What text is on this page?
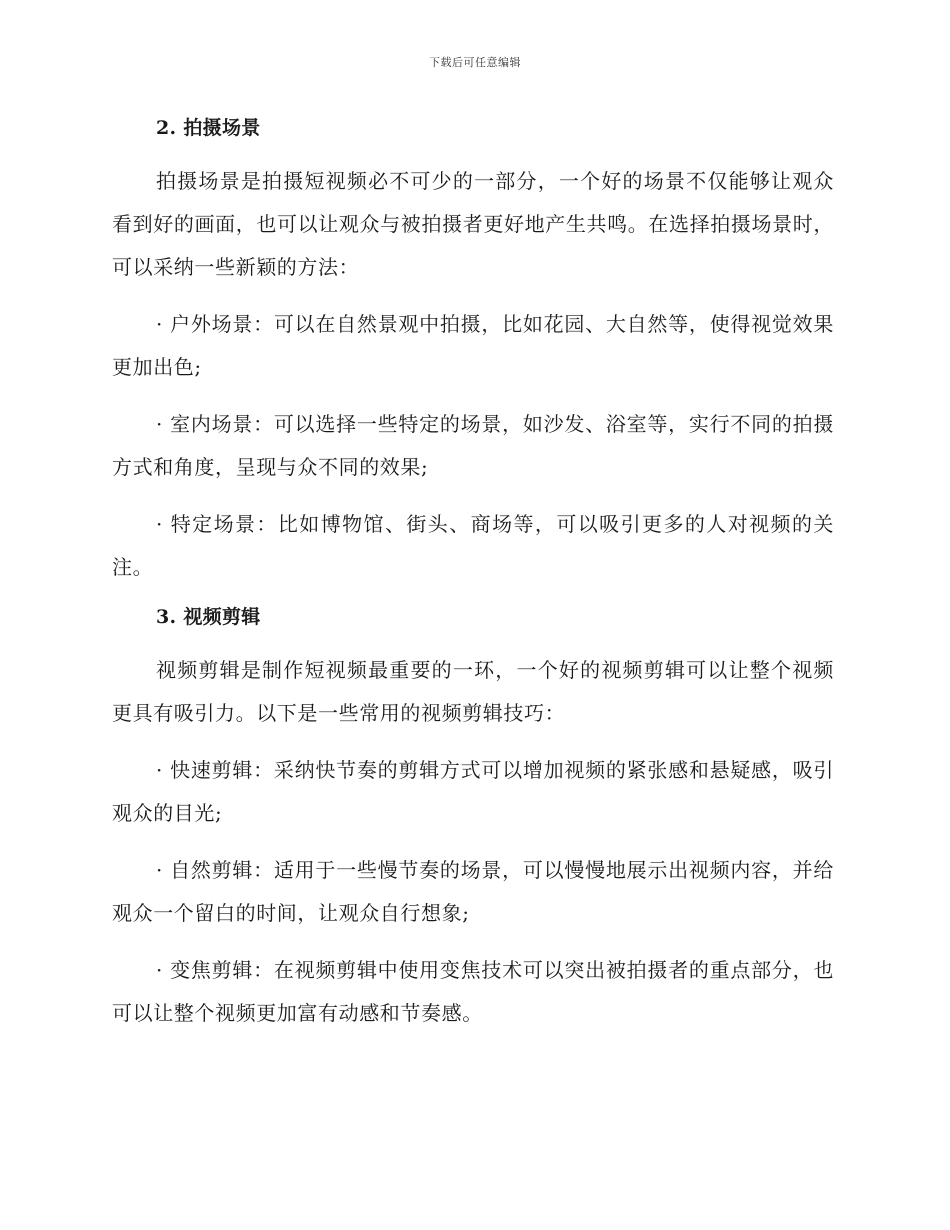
下载后可任意编辑
2. 拍摄场景

拍摄场景是拍摄短视频必不可少的一部分，一个好的场景不仅能够让观众看到好的画面，也可以让观众与被拍摄者更好地产生共鸣。在选择拍摄场景时，可以采纳一些新颖的方法：

· 户外场景：可以在自然景观中拍摄，比如花园、大自然等，使得视觉效果更加出色;

· 室内场景：可以选择一些特定的场景，如沙发、浴室等，实行不同的拍摄方式和角度，呈现与众不同的效果;

· 特定场景：比如博物馆、街头、商场等，可以吸引更多的人对视频的关注。

3. 视频剪辑

视频剪辑是制作短视频最重要的一环，一个好的视频剪辑可以让整个视频更具有吸引力。以下是一些常用的视频剪辑技巧：

· 快速剪辑：采纳快节奏的剪辑方式可以增加视频的紧张感和悬疑感，吸引观众的目光;

· 自然剪辑：适用于一些慢节奏的场景，可以慢慢地展示出视频内容，并给观众一个留白的时间，让观众自行想象;

· 变焦剪辑：在视频剪辑中使用变焦技术可以突出被拍摄者的重点部分，也可以让整个视频更加富有动感和节奏感。
